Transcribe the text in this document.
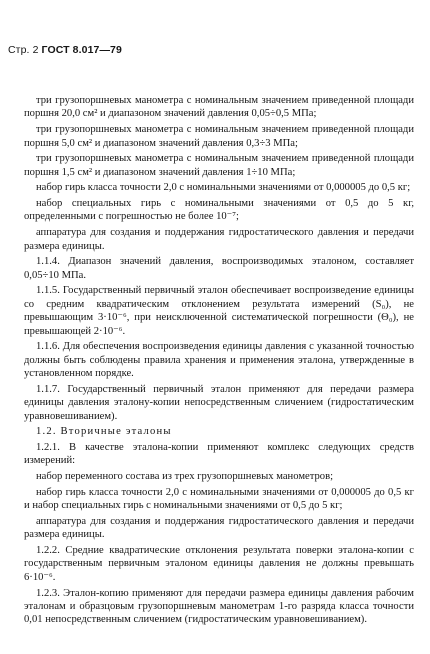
Стр. 2 ГОСТ 8.017—79

три грузопоршневых манометра с номинальным значением приведенной площади поршня 20,0 см² и диапазоном значений давления 0,05÷0,5 МПа;

три грузопоршневых манометра с номинальным значением приведенной площади поршня 5,0 см² и диапазоном значений давления 0,3÷3 МПа;

три грузопоршневых манометра с номинальным значением приведенной площади поршня 1,5 см² и диапазоном значений давления 1÷10 МПа;

набор гирь класса точности 2,0 с номинальными значениями от 0,000005 до 0,5 кг;

набор специальных гирь с номинальными значениями от 0,5 до 5 кг, определенными с погрешностью не более 10⁻⁷;

аппаратура для создания и поддержания гидростатического давления и передачи размера единицы.

1.1.4. Диапазон значений давления, воспроизводимых эталоном, составляет 0,05÷10 МПа.

1.1.5. Государственный первичный эталон обеспечивает воспроизведение единицы со средним квадратическим отклонением результата измерений (S₀), не превышающим 3·10⁻⁶, при неисключенной систематической погрешности (Θ₀), не превышающей 2·10⁻⁶.

1.1.6. Для обеспечения воспроизведения единицы давления с указанной точностью должны быть соблюдены правила хранения и применения эталона, утвержденные в установленном порядке.

1.1.7. Государственный первичный эталон применяют для передачи размера единицы давления эталону-копии непосредственным сличением (гидростатическим уравновешиванием).

1.2. Вторичные эталоны

1.2.1. В качестве эталона-копии применяют комплекс следующих средств измерений:

набор переменного состава из трех грузопоршневых манометров;

набор гирь класса точности 2,0 с номинальными значениями от 0,000005 до 0,5 кг и набор специальных гирь с номинальными значениями от 0,5 до 5 кг;

аппаратура для создания и поддержания гидростатического давления и передачи размера единицы.

1.2.2. Средние квадратические отклонения результата поверки эталона-копии с государственным первичным эталоном единицы давления не должны превышать 6·10⁻⁶.

1.2.3. Эталон-копию применяют для передачи размера единицы давления рабочим эталонам и образцовым грузопоршневым манометрам 1-го разряда класса точности 0,01 непосредственным сличением (гидростатическим уравновешиванием).
